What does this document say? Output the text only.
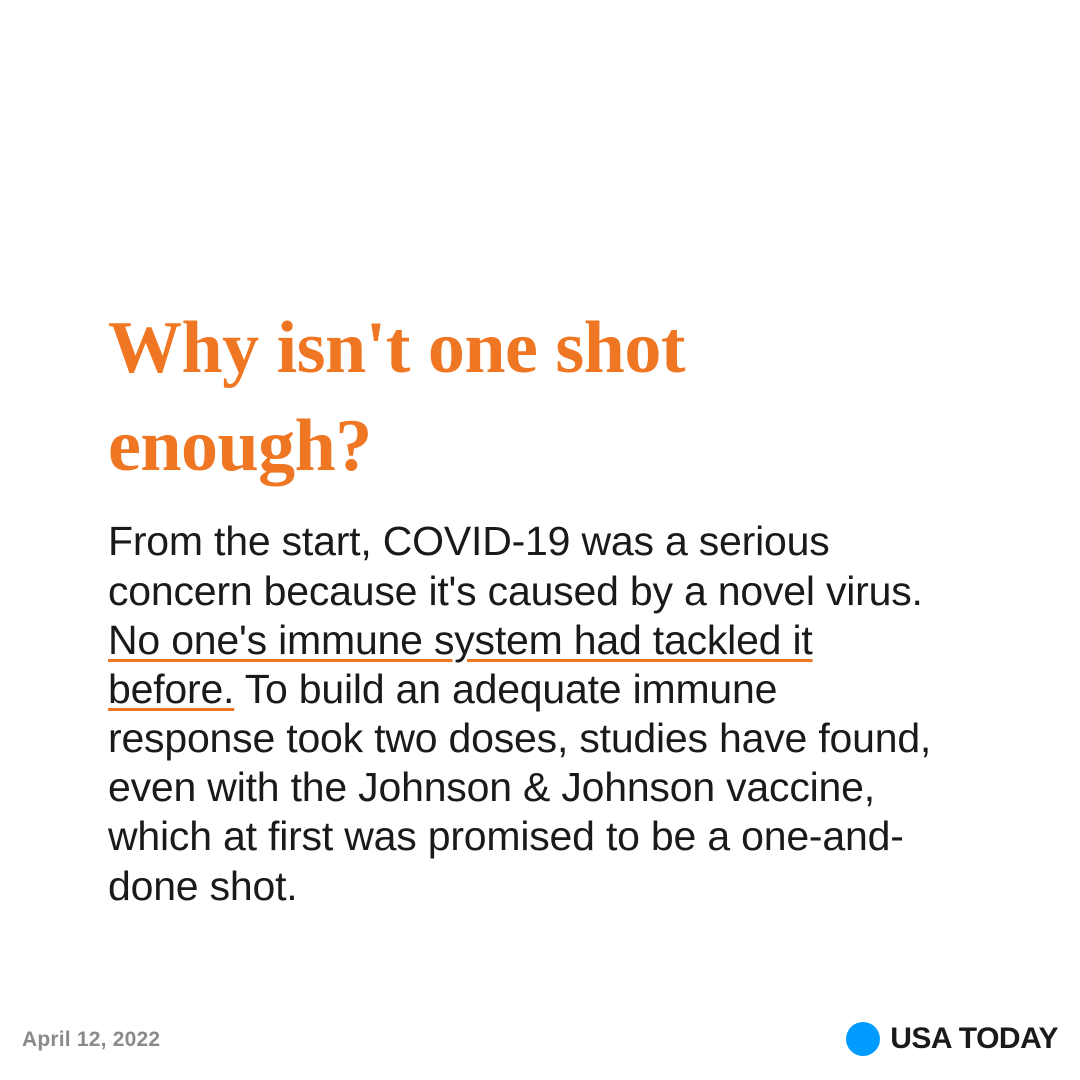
Why isn't one shot enough?

From the start, COVID-19 was a serious concern because it's caused by a novel virus. No one's immune system had tackled it before. To build an adequate immune response took two doses, studies have found, even with the Johnson & Johnson vaccine, which at first was promised to be a one-and-done shot.

April 12, 2022	USA TODAY
